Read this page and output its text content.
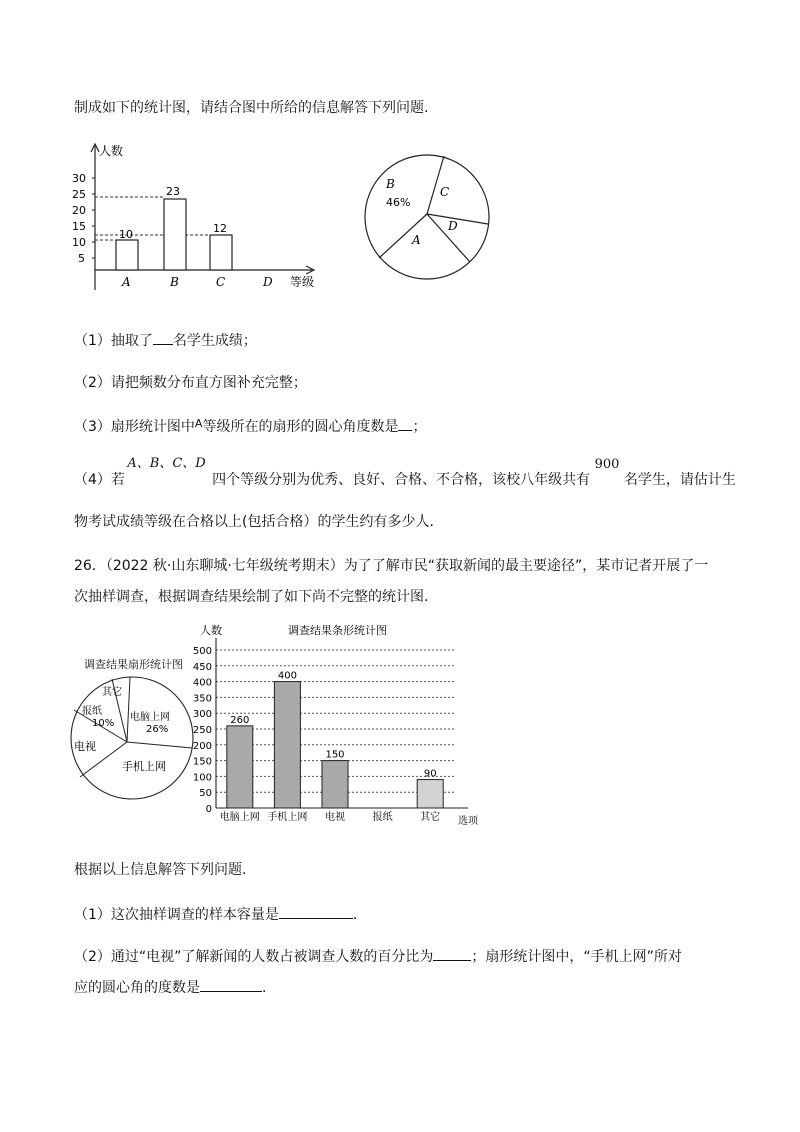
制成如下的统计图，请结合图中所给的信息解答下列问题.
人数
5
10
15
20
25
30
10
23
12
A	B	C	D 等级
B
46%
C
D
A
（1）抽取了 名学生成绩；
（2）请把频数分布直方图补充完整；
（3）扇形统计图中$^A$等级所在的扇形的圆心角度数是 ；
（4）若 A、B、C、D 四个等级分别为优秀、良好、合格、不合格，该校八年级共有 900 名学生，请估计生
物考试成绩等级在合格以上(包括合格）的学生约有多少人.
26．（2022 秋·山东聊城·七年级统考期末）为了了解市民“获取新闻的最主要途径”，某市记者开展了一
次抽样调查，根据调查结果绘制了如下尚不完整的统计图.
调查结果扇形统计图
其它
报纸
10%
电脑上网
26%
电视
手机上网
人数	调查结果条形统计图
0
50
100
150
200
250
300
350
400
450
500
260
电脑上网
400
手机上网
150
电视	报纸
90
其它 选项
根据以上信息解答下列问题.
（1）这次抽样调查的样本容量是	.
（2）通过“电视”了解新闻的人数占被调查人数的百分比为	；扇形统计图中，“手机上网”所对
应的圆心角的度数是	.
